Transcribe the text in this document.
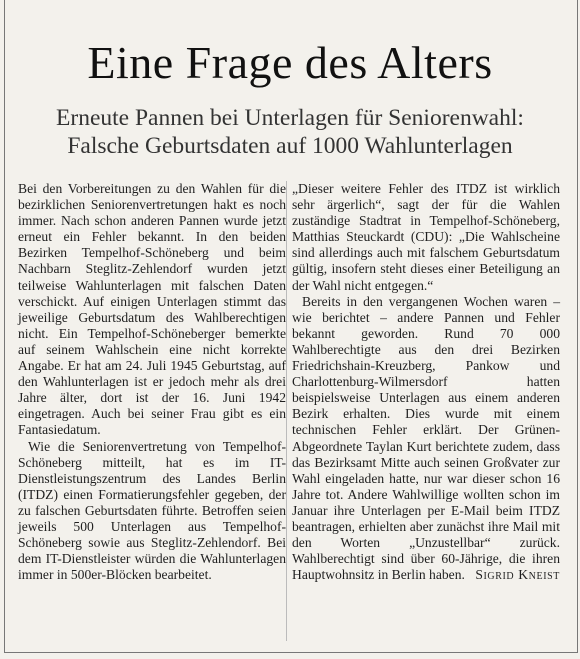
Eine Frage des Alters
Erneute Pannen bei Unterlagen für Seniorenwahl:
Falsche Geburtsdaten auf 1000 Wahlunterlagen

Bei den Vorbereitungen zu den Wahlen für die bezirklichen Seniorenvertretungen hakt es noch immer. Nach schon anderen Pannen wurde jetzt erneut ein Fehler bekannt. In den beiden Bezirken Tempelhof-Schöneberg und beim Nachbarn Steglitz-Zehlendorf wurden jetzt teilweise Wahlunterlagen mit falschen Daten verschickt. Auf einigen Unterlagen stimmt das jeweilige Geburtsdatum des Wahlberechtigen nicht. Ein Tempelhof-Schöneberger bemerkte auf seinem Wahlschein eine nicht korrekte Angabe. Er hat am 24. Juli 1945 Geburtstag, auf den Wahlunterlagen ist er jedoch mehr als drei Jahre älter, dort ist der 16. Juni 1942 eingetragen. Auch bei seiner Frau gibt es ein Fantasiedatum.

Wie die Seniorenvertretung von Tempelhof-Schöneberg mitteilt, hat es im IT-Dienstleistungszentrum des Landes Berlin (ITDZ) einen Formatierungsfehler gegeben, der zu falschen Geburtsdaten führte. Betroffen seien jeweils 500 Unterlagen aus Tempelhof-Schöneberg sowie aus Steglitz-Zehlendorf. Bei dem IT-Dienstleister würden die Wahlunterlagen immer in 500er-Blöcken bearbeitet.

„Dieser weitere Fehler des ITDZ ist wirklich sehr ärgerlich“, sagt der für die Wahlen zuständige Stadtrat in Tempelhof-Schöneberg, Matthias Steuckardt (CDU): „Die Wahlscheine sind allerdings auch mit falschem Geburtsdatum gültig, insofern steht dieses einer Beteiligung an der Wahl nicht entgegen.“

Bereits in den vergangenen Wochen waren – wie berichtet – andere Pannen und Fehler bekannt geworden. Rund 70 000 Wahlberechtigte aus den drei Bezirken Friedrichshain-Kreuzberg, Pankow und Charlottenburg-Wilmersdorf hatten beispielsweise Unterlagen aus einem anderen Bezirk erhalten. Dies wurde mit einem technischen Fehler erklärt. Der Grünen-Abgeordnete Taylan Kurt berichtete zudem, dass das Bezirksamt Mitte auch seinen Großvater zur Wahl eingeladen hatte, nur war dieser schon 16 Jahre tot. Andere Wahlwillige wollten schon im Januar ihre Unterlagen per E-Mail beim ITDZ beantragen, erhielten aber zunächst ihre Mail mit den Worten „Unzustellbar“ zurück. Wahlberechtigt sind über 60-Jährige, die ihren Hauptwohnsitz in Berlin haben. Sigrid Kneist
